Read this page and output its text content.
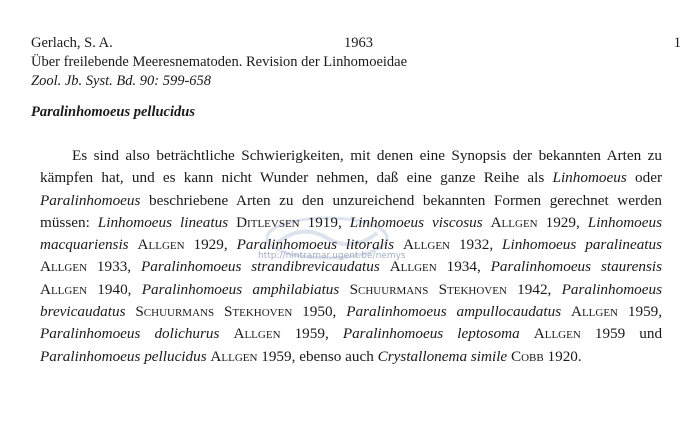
Gerlach, S. A.	1963	1
Über freilebende Meeresnematoden. Revision der Linhomoeidae
Zool. Jb. Syst. Bd. 90: 599-658
Paralinhomoeus pellucidus
http://nintramar.ugent.be/nemys
Es sind also beträchtliche Schwierigkeiten, mit denen eine Synopsis der bekannten Arten zu kämpfen hat, und es kann nicht Wunder nehmen, daß eine ganze Reihe als Linhomoeus oder Paralinhomoeus beschriebene Arten zu den unzureichend bekannten Formen gerechnet werden müssen: Linhomoeus lineatus Ditlevsen 1919, Linhomoeus viscosus Allgen 1929, Linhomoeus macquariensis Allgen 1929, Paralinhomoeus litoralis Allgen 1932, Linhomoeus paralineatus Allgen 1933, Paralinhomoeus strandibrevicaudatus Allgen 1934, Paralinhomoeus staurensis Allgen 1940, Paralinhomoeus amphilabiatus Schuurmans Stekhoven 1942, Paralinhomoeus brevicaudatus Schuurmans Stekhoven 1950, Paralinhomoeus ampullocaudatus Allgen 1959, Paralinhomoeus dolichurus Allgen 1959, Paralinhomoeus leptosoma Allgen 1959 und Paralinhomoeus pellucidus Allgen 1959, ebenso auch Crystallonema simile Cobb 1920.
